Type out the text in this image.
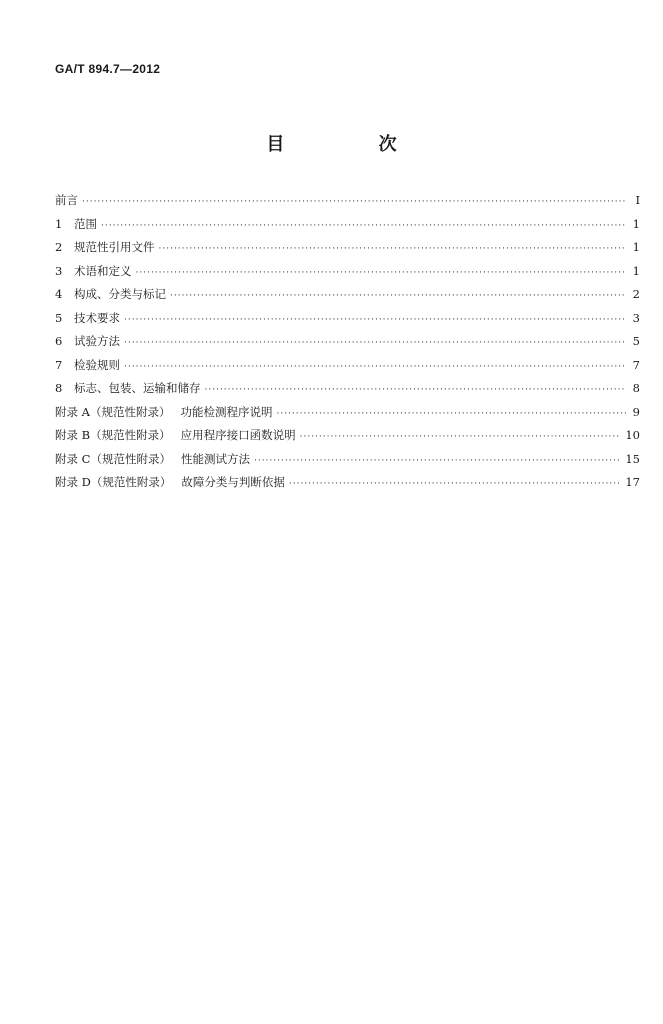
GA/T 894.7—2012
目 次
前言 ·····	Ⅰ
1	范围 ·····	1
2	规范性引用文件 ·····	1
3	术语和定义 ·····	1
4	构成、分类与标记 ·····	2
5	技术要求 ·····	3
6	试验方法 ·····	5
7	检验规则 ·····	7
8	标志、包装、运输和储存 ·····	8
附录 A（规范性附录） 功能检测程序说明 ·····	9
附录 B（规范性附录） 应用程序接口函数说明 ·····	10
附录 C（规范性附录） 性能测试方法 ·····	15
附录 D（规范性附录） 故障分类与判断依据 ·····	17
